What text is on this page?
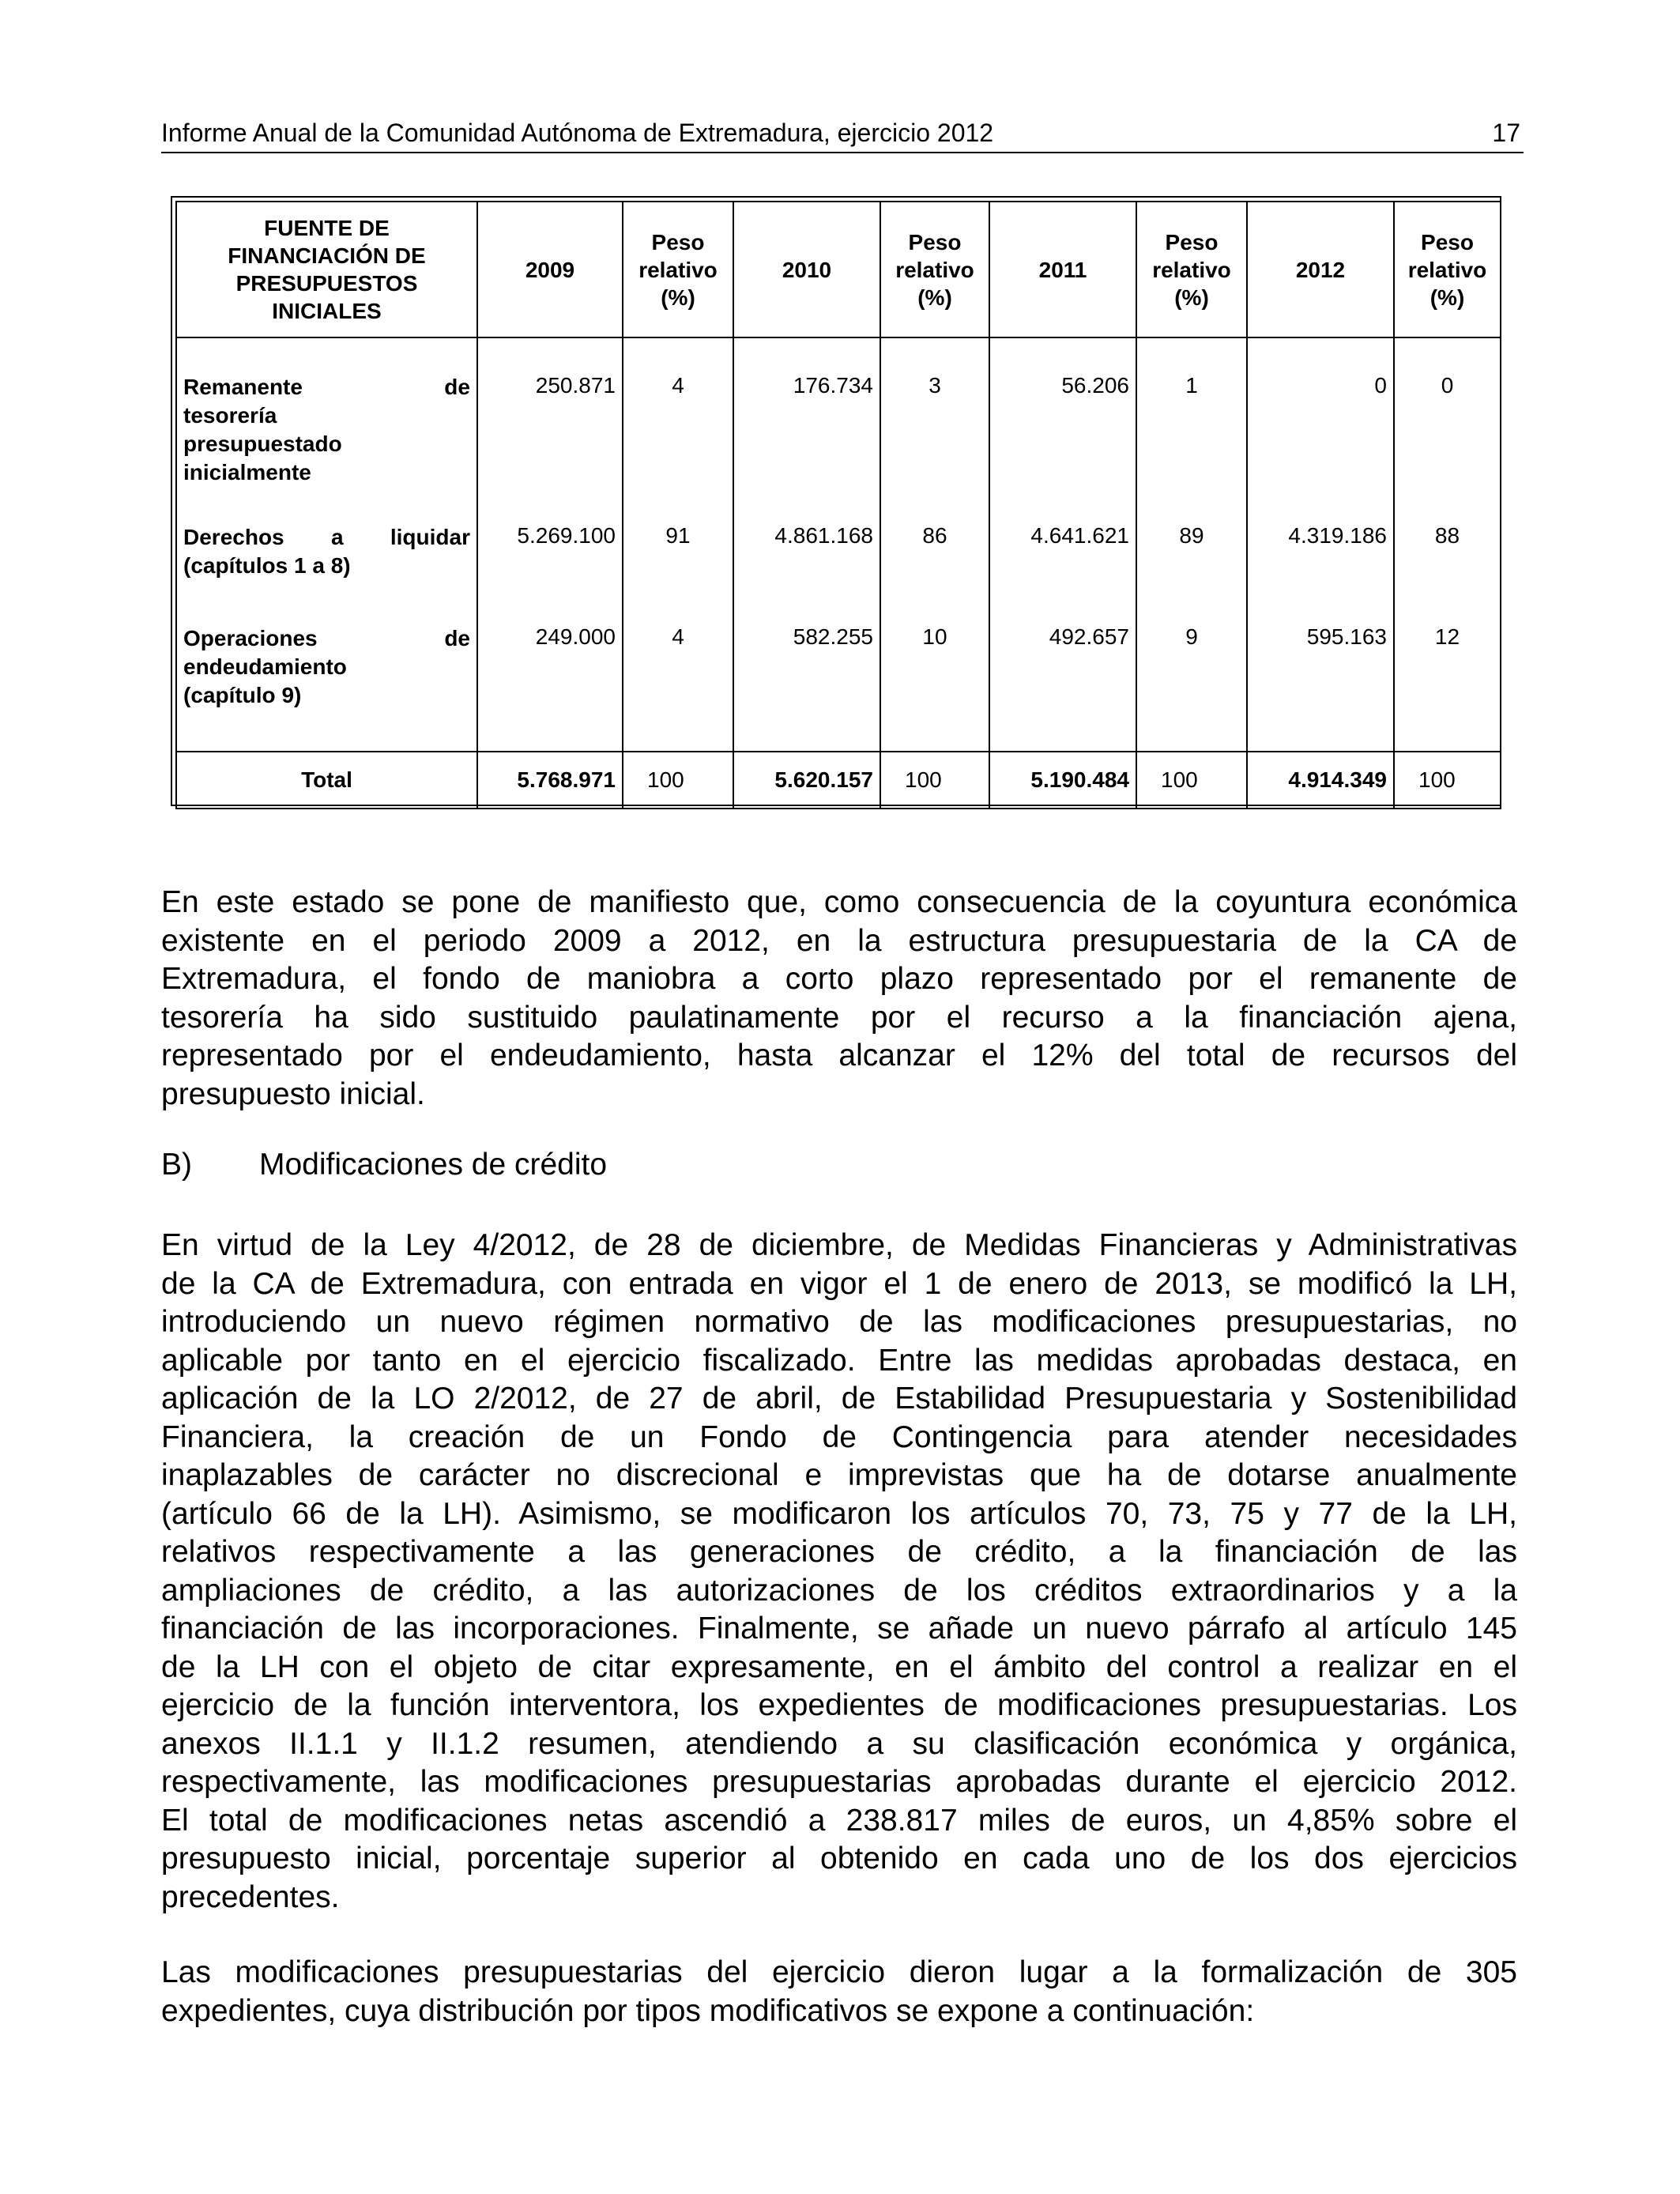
Informe Anual de la Comunidad Autónoma de Extremadura, ejercicio 2012	17
FUENTE DE FINANCIACIÓN DE PRESUPUESTOS INICIALES	2009	Peso relativo (%)	2010	Peso relativo (%)	2011	Peso relativo (%)	2012	Peso relativo (%)

Remanente de
tesorería
presupuestado
inicialmente	250.871	4	176.734	3	56.206	1	0	0

Derechos a liquidar
(capítulos 1 a 8)	5.269.100	91	4.861.168	86	4.641.621	89	4.319.186	88

Operaciones de
endeudamiento
(capítulo 9)	249.000	4	582.255	10	492.657	9	595.163	12
Total	5.768.971	100	5.620.157	100	5.190.484	100	4.914.349	100
En este estado se pone de manifiesto que, como consecuencia de la coyuntura económica
existente en el periodo 2009 a 2012, en la estructura presupuestaria de la CA de
Extremadura, el fondo de maniobra a corto plazo representado por el remanente de
tesorería ha sido sustituido paulatinamente por el recurso a la financiación ajena,
representado por el endeudamiento, hasta alcanzar el 12% del total de recursos del
presupuesto inicial.
B) Modificaciones de crédito
En virtud de la Ley 4/2012, de 28 de diciembre, de Medidas Financieras y Administrativas
de la CA de Extremadura, con entrada en vigor el 1 de enero de 2013, se modificó la LH,
introduciendo un nuevo régimen normativo de las modificaciones presupuestarias, no
aplicable por tanto en el ejercicio fiscalizado. Entre las medidas aprobadas destaca, en
aplicación de la LO 2/2012, de 27 de abril, de Estabilidad Presupuestaria y Sostenibilidad
Financiera, la creación de un Fondo de Contingencia para atender necesidades
inaplazables de carácter no discrecional e imprevistas que ha de dotarse anualmente
(artículo 66 de la LH). Asimismo, se modificaron los artículos 70, 73, 75 y 77 de la LH,
relativos respectivamente a las generaciones de crédito, a la financiación de las
ampliaciones de crédito, a las autorizaciones de los créditos extraordinarios y a la
financiación de las incorporaciones. Finalmente, se añade un nuevo párrafo al artículo 145
de la LH con el objeto de citar expresamente, en el ámbito del control a realizar en el
ejercicio de la función interventora, los expedientes de modificaciones presupuestarias. Los
anexos II.1.1 y II.1.2 resumen, atendiendo a su clasificación económica y orgánica,
respectivamente, las modificaciones presupuestarias aprobadas durante el ejercicio 2012.
El total de modificaciones netas ascendió a 238.817 miles de euros, un 4,85% sobre el
presupuesto inicial, porcentaje superior al obtenido en cada uno de los dos ejercicios
precedentes.
Las modificaciones presupuestarias del ejercicio dieron lugar a la formalización de 305
expedientes, cuya distribución por tipos modificativos se expone a continuación:
